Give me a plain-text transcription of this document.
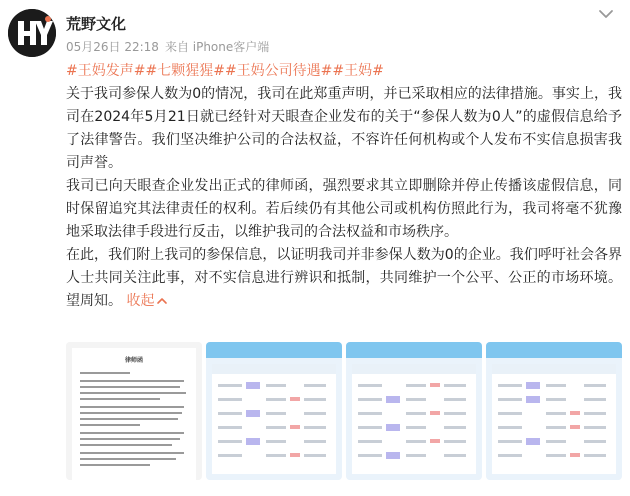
荒野文化
05月26日 22:18 来自 iPhone客户端
#王妈发声##七颗猩猩##王妈公司待遇##王妈#
关于我司参保人数为0的情况，我司在此郑重声明，并已采取相应的法律措施。事实上，我司在2024年5月21日就已经针对天眼查企业发布的关于“参保人数为0人”的虚假信息给予了法律警告。我们坚决维护公司的合法权益，不容许任何机构或个人发布不实信息损害我司声誉。
我司已向天眼查企业发出正式的律师函，强烈要求其立即删除并停止传播该虚假信息，同时保留追究其法律责任的权利。若后续仍有其他公司或机构仿照此行为，我司将毫不犹豫地采取法律手段进行反击，以维护我司的合法权益和市场秩序。
在此，我们附上我司的参保信息，以证明我司并非参保人数为0的企业。我们呼吁社会各界人士共同关注此事，对不实信息进行辨识和抵制，共同维护一个公平、公正的市场环境。望周知。 收起
律师函
